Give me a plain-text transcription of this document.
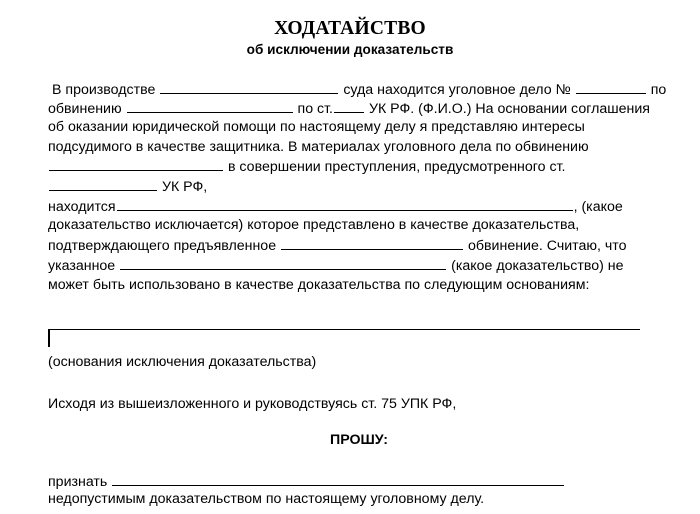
ХОДАТАЙСТВО
об исключении доказательств
В производстве	суда находится уголовное дело №	по
обвинению	по ст.	УК РФ. (Ф.И.О.) На основании соглашения
об оказании юридической помощи по настоящему делу я представляю интересы
подсудимого в качестве защитника. В материалах уголовного дела по обвинению
в совершении преступления, предусмотренного ст.
УК РФ,
находится	, (какое
доказательство исключается) которое представлено в качестве доказательства,
подтверждающего предъявленное	обвинение. Считаю, что
указанное	(какое доказательство) не
может быть использовано в качестве доказательства по следующим основаниям:
(основания исключения доказательства)
Исходя из вышеизложенного и руководствуясь ст. 75 УПК РФ,
ПРОШУ:
признать
недопустимым доказательством по настоящему уголовному делу.
